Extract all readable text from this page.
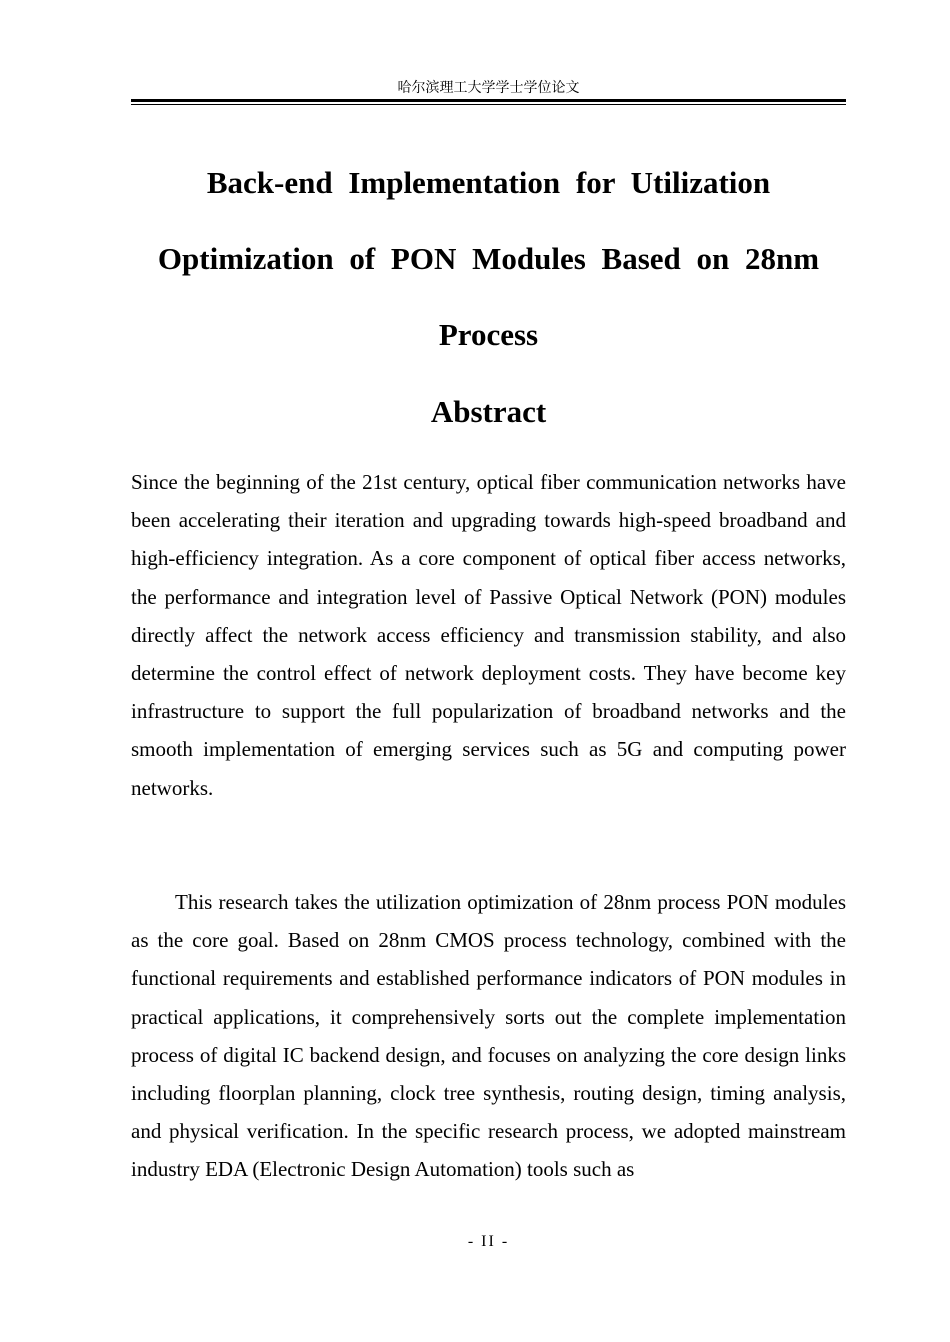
哈尔滨理工大学学士学位论文
Back-end Implementation for Utilization Optimization of PON Modules Based on 28nm Process
Abstract

Since the beginning of the 21st century, optical fiber communication networks have been accelerating their iteration and upgrading towards high-speed broadband and high-efficiency integration. As a core component of optical fiber access networks, the performance and integration level of Passive Optical Network (PON) modules directly affect the network access efficiency and transmission stability, and also determine the control effect of network deployment costs. They have become key infrastructure to support the full popularization of broadband networks and the smooth implementation of emerging services such as 5G and computing power networks.

This research takes the utilization optimization of 28nm process PON modules as the core goal. Based on 28nm CMOS process technology, combined with the functional requirements and established performance indicators of PON modules in practical applications, it comprehensively sorts out the complete implementation process of digital IC backend design, and focuses on analyzing the core design links including floorplan planning, clock tree synthesis, routing design, timing analysis, and physical verification. In the specific research process, we adopted mainstream industry EDA (Electronic Design Automation) tools such as

- II -
